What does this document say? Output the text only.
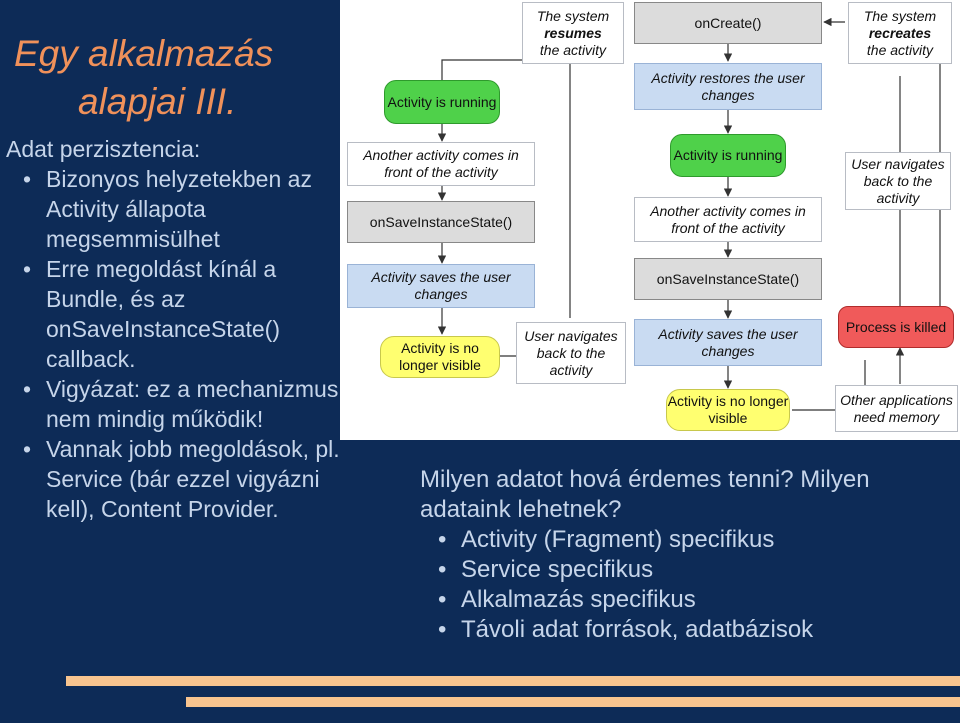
Egy alkalmazás
alapjai III.
Adat perzisztencia:
• Bizonyos helyzetekben az Activity állapota megsemmisülhet
• Erre megoldást kínál a Bundle, és az onSaveInstanceState() callback.
• Vigyázat: ez a mechanizmus nem mindig működik!
• Vannak jobb megoldások, pl. Service (bár ezzel vigyázni kell), Content Provider.
The system
resumes
the activity
onCreate()	The system
recreates
the activity
Activity is running
Activity restores the user changes
Another activity comes in front of the activity
Activity is running
User navigates back to the activity
onSaveInstanceState()
Another activity comes in front of the activity
Activity saves the user changes
onSaveInstanceState()
Process is killed
Activity is no longer visible
User navigates back to the activity
Activity saves the user changes
Activity is no longer visible
Other applications need memory
Milyen adatot hová érdemes tenni? Milyen adataink lehetnek?
• Activity (Fragment) specifikus
• Service specifikus
• Alkalmazás specifikus
• Távoli adat források, adatbázisok
